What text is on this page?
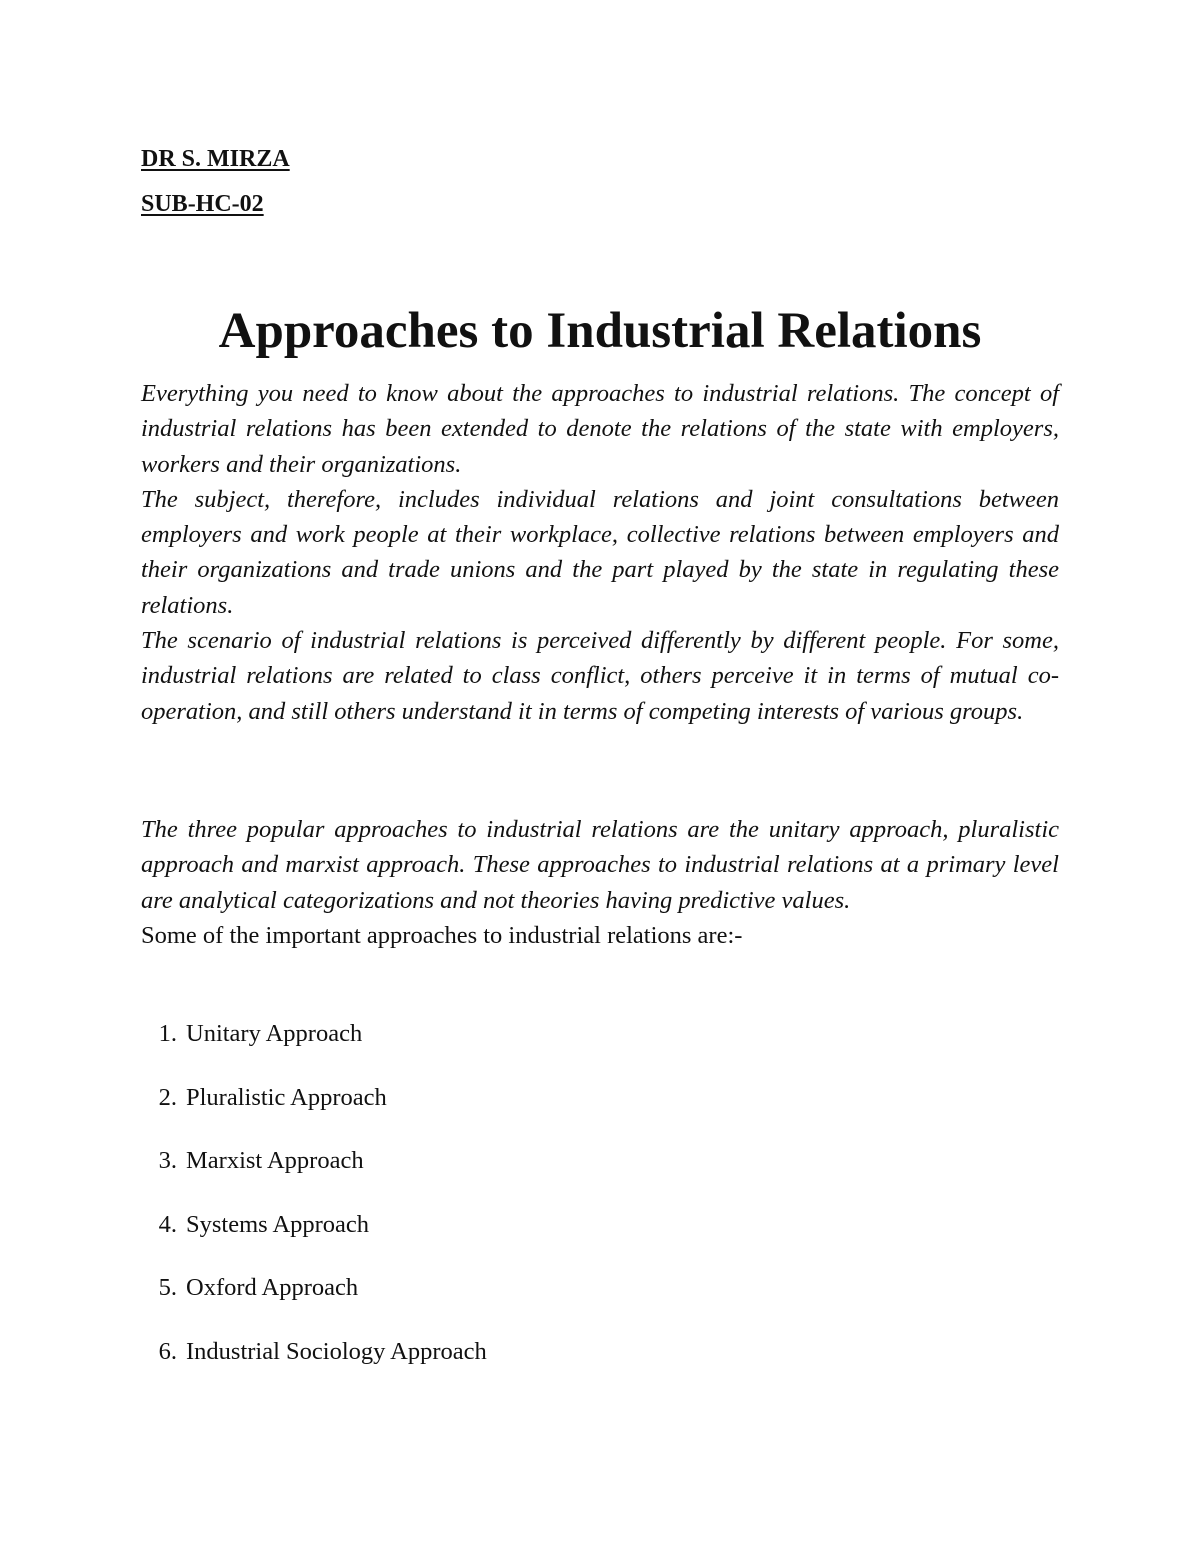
DR S. MIRZA
SUB-HC-02
Approaches to Industrial Relations

Everything you need to know about the approaches to industrial relations. The concept of industrial relations has been extended to denote the relations of the state with employers, workers and their organizations.

The subject, therefore, includes individual relations and joint consultations between employers and work people at their workplace, collective relations between employers and their organizations and trade unions and the part played by the state in regulating these relations.

The scenario of industrial relations is perceived differently by different people. For some, industrial relations are related to class conflict, others perceive it in terms of mutual co-operation, and still others understand it in terms of competing interests of various groups.

The three popular approaches to industrial relations are the unitary approach, pluralistic approach and marxist approach. These approaches to industrial relations at a primary level are analytical categorizations and not theories having predictive values.

Some of the important approaches to industrial relations are:-

1. Unitary Approach
2. Pluralistic Approach
3. Marxist Approach
4. Systems Approach
5. Oxford Approach
6. Industrial Sociology Approach
